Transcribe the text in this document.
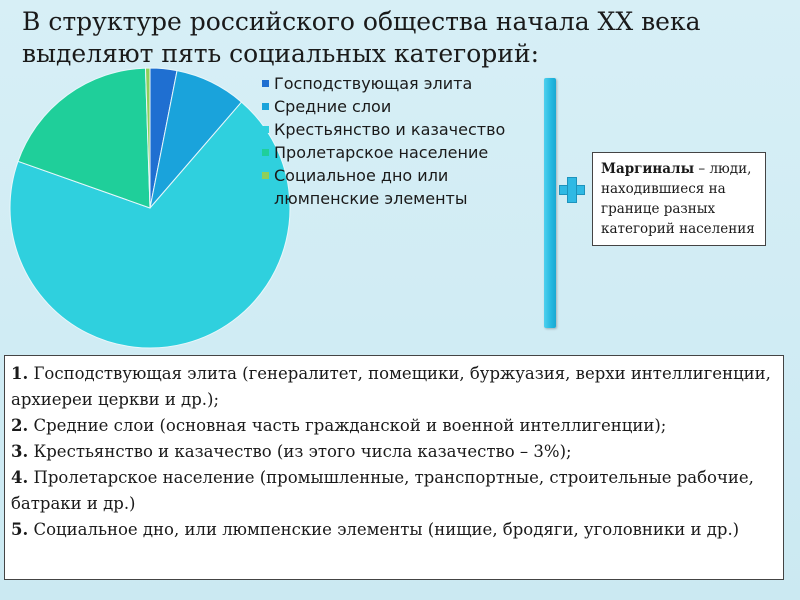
В структуре российского общества начала XX века выделяют пять социальных категорий:
Господствующая элита
Средние слои
Крестьянство и казачество
Пролетарское население
Социальное дно или
люмпенские элементы
Маргиналы – люди, находившиеся на границе разных категорий населения

1. Господствующая элита (генералитет, помещики, буржуазия, верхи интеллигенции, архиереи церкви и др.);

2. Средние слои (основная часть гражданской и военной интеллигенции);

3. Крестьянство и казачество (из этого числа казачество – 3%);

4. Пролетарское население (промышленные, транспортные, строительные рабочие, батраки и др.)

5. Социальное дно, или люмпенские элементы (нищие, бродяги, уголовники и др.)
